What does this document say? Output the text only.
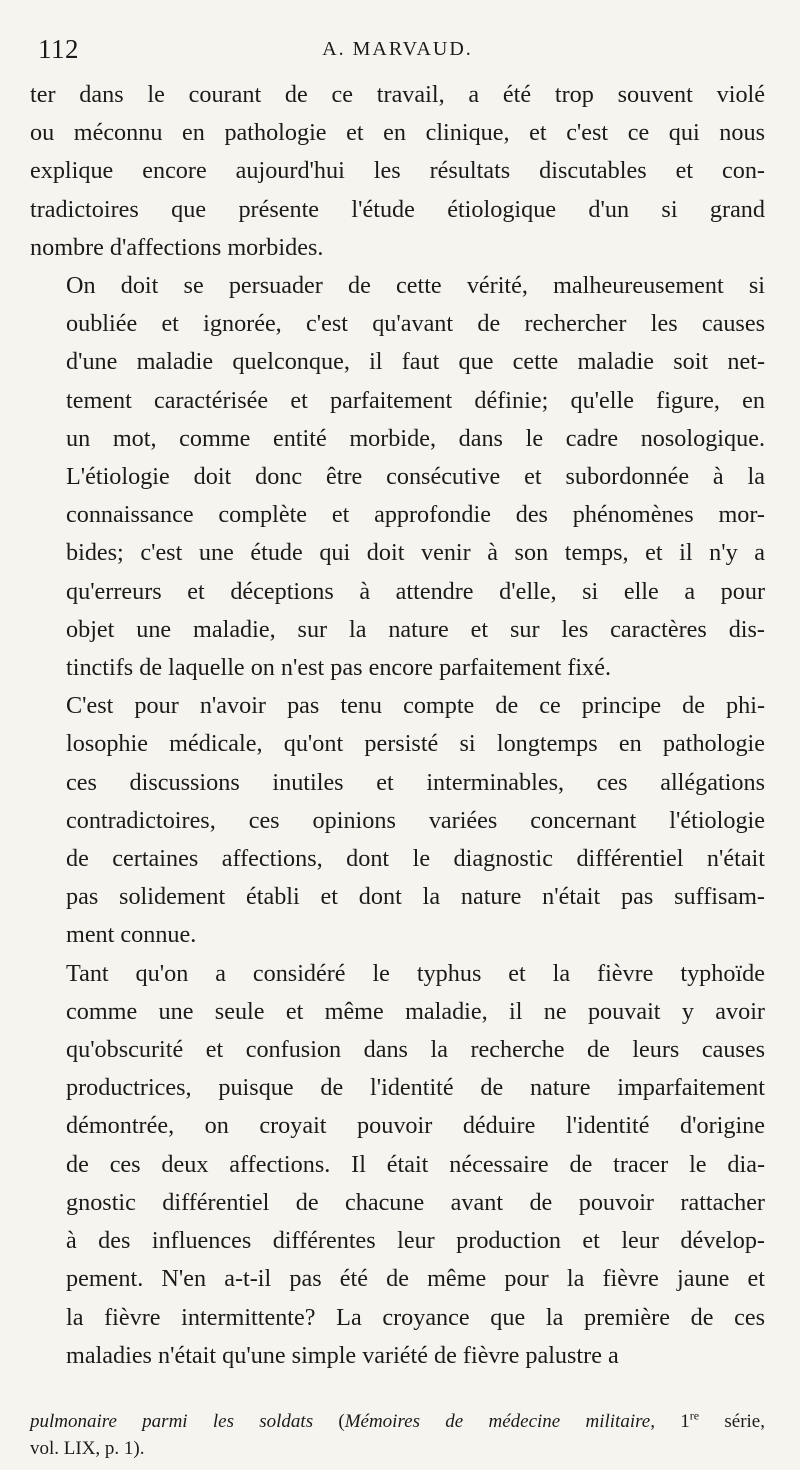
112	A. MARVAUD.
ter dans le courant de ce travail, a été trop souvent violé
ou méconnu en pathologie et en clinique, et c'est ce qui nous
explique encore aujourd'hui les résultats discutables et con-
tradictoires que présente l'étude étiologique d'un si grand
nombre d'affections morbides.
On doit se persuader de cette vérité, malheureusement si
oubliée et ignorée, c'est qu'avant de rechercher les causes
d'une maladie quelconque, il faut que cette maladie soit net-
tement caractérisée et parfaitement définie; qu'elle figure, en
un mot, comme entité morbide, dans le cadre nosologique.
L'étiologie doit donc être consécutive et subordonnée à la
connaissance complète et approfondie des phénomènes mor-
bides; c'est une étude qui doit venir à son temps, et il n'y a
qu'erreurs et déceptions à attendre d'elle, si elle a pour
objet une maladie, sur la nature et sur les caractères dis-
tinctifs de laquelle on n'est pas encore parfaitement fixé.
C'est pour n'avoir pas tenu compte de ce principe de phi-
losophie médicale, qu'ont persisté si longtemps en pathologie
ces discussions inutiles et interminables, ces allégations
contradictoires, ces opinions variées concernant l'étiologie
de certaines affections, dont le diagnostic différentiel n'était
pas solidement établi et dont la nature n'était pas suffisam-
ment connue.
Tant qu'on a considéré le typhus et la fièvre typhoïde
comme une seule et même maladie, il ne pouvait y avoir
qu'obscurité et confusion dans la recherche de leurs causes
productrices, puisque de l'identité de nature imparfaitement
démontrée, on croyait pouvoir déduire l'identité d'origine
de ces deux affections. Il était nécessaire de tracer le dia-
gnostic différentiel de chacune avant de pouvoir rattacher
à des influences différentes leur production et leur dévelop-
pement. N'en a-t-il pas été de même pour la fièvre jaune et
la fièvre intermittente? La croyance que la première de ces
maladies n'était qu'une simple variété de fièvre palustre a
pulmonaire parmi les soldats (Mémoires de médecine militaire, 1re série,
vol. LIX, p. 1).
